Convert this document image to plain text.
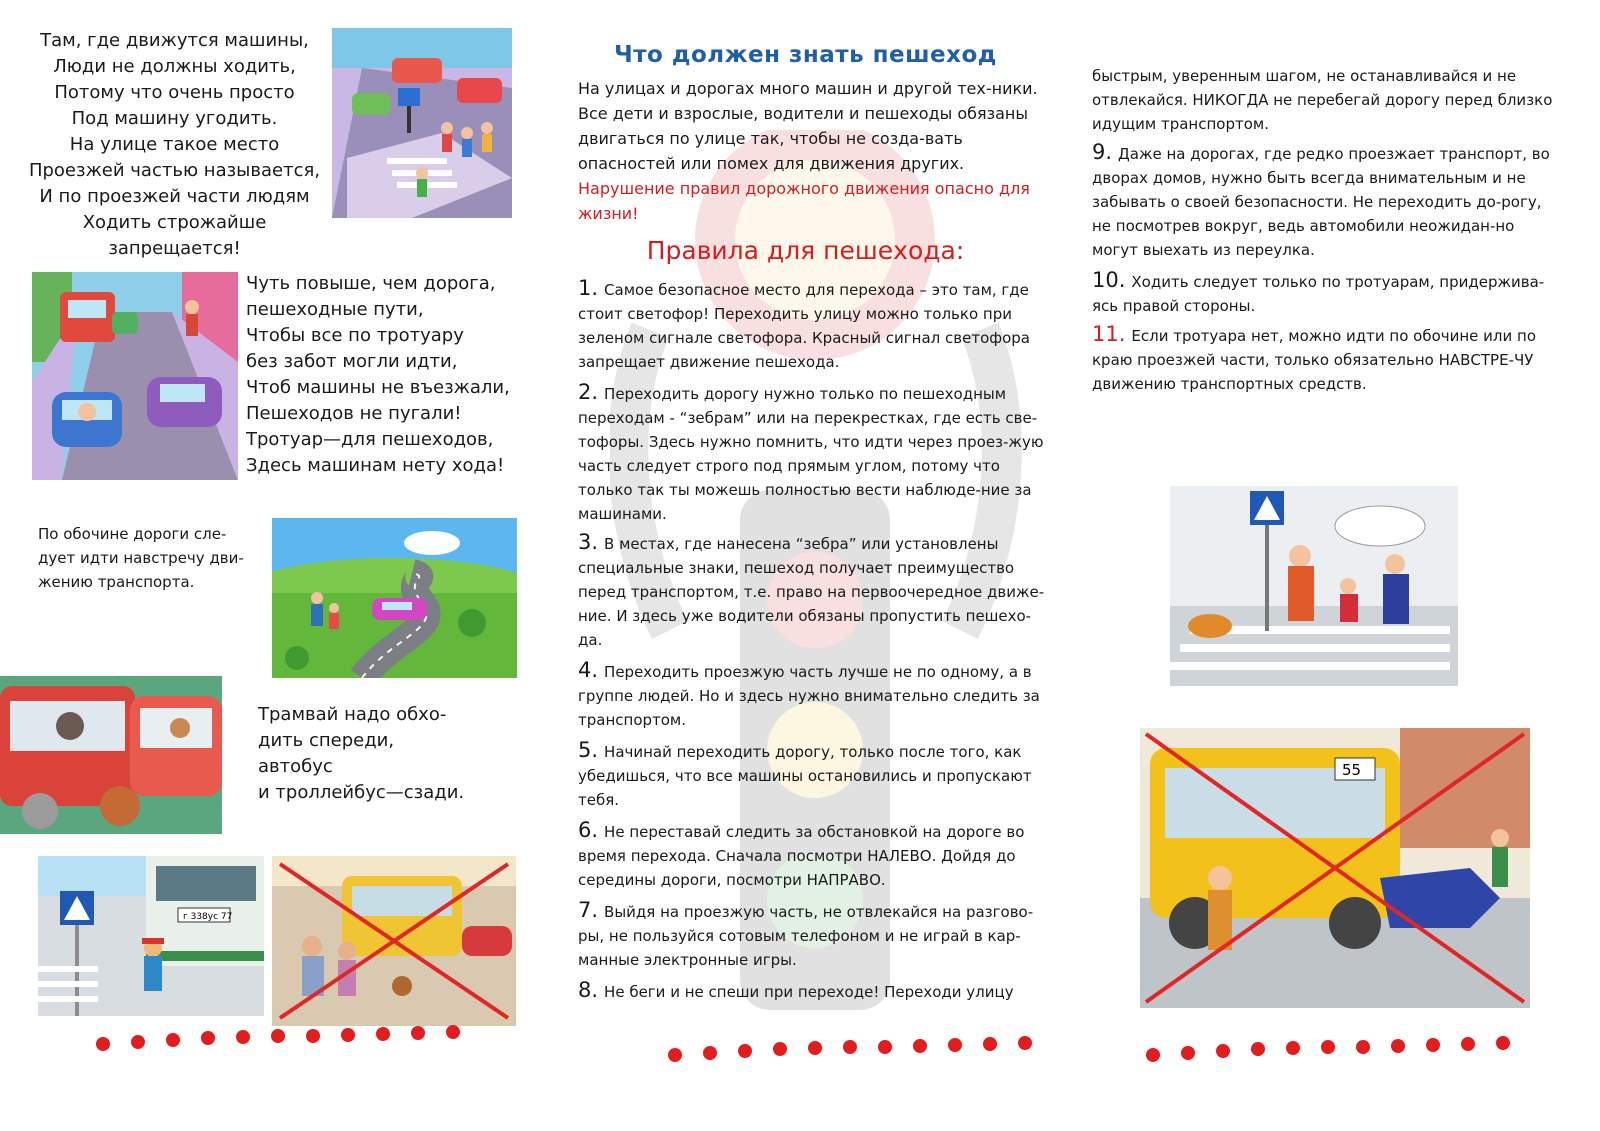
Там, где движутся машины,
Люди не должны ходить,
Потому что очень просто
Под машину угодить.
На улице такое место
Проезжей частью называется,
И по проезжей части людям
Ходить строжайше запрещается!
Чуть повыше, чем дорога,
пешеходные пути,
Чтобы все по тротуару
без забот могли идти,
Чтоб машины не въезжали,
Пешеходов не пугали!
Тротуар—для пешеходов,
Здесь машинам нету хода!
По обочине дороги сле-
дует идти навстречу дви-
жению транспорта.
Трамвай надо обхо-
дить спереди, автобус
и троллейбус—сзади.
г 338ус 77
Что должен знать пешеход
На улицах и дорогах много машин и другой тех-ники. Все дети и взрослые, водители и пешеходы обязаны двигаться по улице так, чтобы не созда-вать опасностей или помех для движения других. Нарушение правил дорожного движения опасно для жизни!
Правила для пешехода:
1. Самое безопасное место для перехода – это там, где стоит светофор! Переходить улицу можно только при зеленом сигнале светофора. Красный сигнал светофора запрещает движение пешехода.
2. Переходить дорогу нужно только по пешеходным переходам - “зебрам” или на перекрестках, где есть све-тофоры. Здесь нужно помнить, что идти через проез-жую часть следует строго под прямым углом, потому что только так ты можешь полностью вести наблюде-ние за машинами.
3. В местах, где нанесена “зебра” или установлены специальные знаки, пешеход получает преимущество перед транспортом, т.е. право на первоочередное движе-ние. И здесь уже водители обязаны пропустить пешехо-да.
4. Переходить проезжую часть лучше не по одному, а в группе людей. Но и здесь нужно внимательно следить за транспортом.
5. Начинай переходить дорогу, только после того, как убедишься, что все машины остановились и пропускают тебя.
6. Не переставай следить за обстановкой на дороге во время перехода. Сначала посмотри НАЛЕВО. Дойдя до середины дороги, посмотри НАПРАВО.
7. Выйдя на проезжую часть, не отвлекайся на разгово-ры, не пользуйся сотовым телефоном и не играй в кар-манные электронные игры.
8. Не беги и не спеши при переходе! Переходи улицу
быстрым, уверенным шагом, не останавливайся и не отвлекайся. НИКОГДА не перебегай дорогу перед близко идущим транспортом.
9. Даже на дорогах, где редко проезжает транспорт, во дворах домов, нужно быть всегда внимательным и не забывать о своей безопасности. Не переходить до-рогу, не посмотрев вокруг, ведь автомобили неожидан-но могут выехать из переулка.
10. Ходить следует только по тротуарам, придерживa-ясь правой стороны.
11. Если тротуара нет, можно идти по обочине или по краю проезжей части, только обязательно НАВСТРЕ-ЧУ движению транспортных средств.
55
